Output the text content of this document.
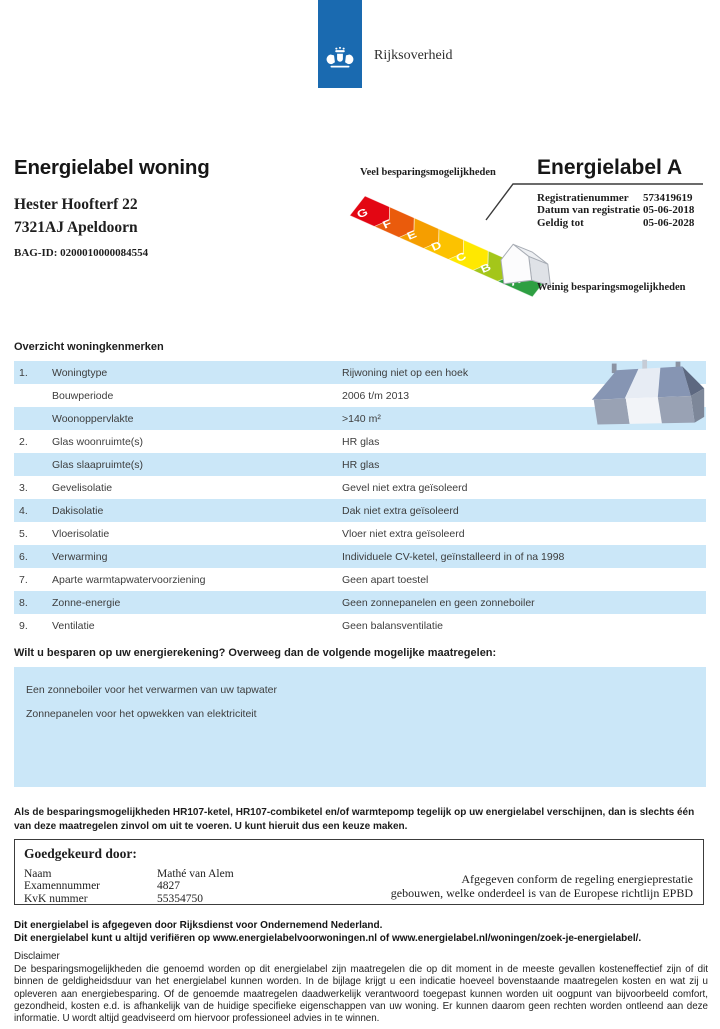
Rijksoverheid
Energielabel woning
Hester Hoofterf 22
7321AJ Apeldoorn
BAG-ID: 0200010000084554
Veel besparingsmogelijkheden Energielabel A
Registratienummer	573419619
Datum van registratie 05-06-2018
Geldig tot	05-06-2028
G
F
E
D
C
B
Weinig besparingsmogelijkheden
Overzicht woningkenmerken
1.	Woningtype	Rijwoning niet op een hoek
Bouwperiode	2006 t/m 2013
Woonoppervlakte	>140 m²
2.	Glas woonruimte(s)	HR glas
Glas slaapruimte(s)	HR glas
3.	Gevelisolatie	Gevel niet extra geïsoleerd
4.	Dakisolatie	Dak niet extra geïsoleerd
5.	Vloerisolatie	Vloer niet extra geïsoleerd
6.	Verwarming	Individuele CV-ketel, geïnstalleerd in of na 1998
7.	Aparte warmtapwatervoorziening	Geen apart toestel
8.	Zonne-energie	Geen zonnepanelen en geen zonneboiler
9.	Ventilatie	Geen balansventilatie
Wilt u besparen op uw energierekening? Overweeg dan de volgende mogelijke maatregelen:
Een zonneboiler voor het verwarmen van uw tapwater
Zonnepanelen voor het opwekken van elektriciteit
Als de besparingsmogelijkheden HR107-ketel, HR107-combiketel en/of warmtepomp tegelijk op uw energielabel verschijnen, dan is slechts één van deze maatregelen zinvol om uit te voeren. U kunt hieruit dus een keuze maken.
Goedgekeurd door:
Naam	Mathé van Alem
Examennummer	4827
KvK nummer	55354750
Afgegeven conform de regeling energieprestatie
gebouwen, welke onderdeel is van de Europese richtlijn EPBD
Dit energielabel is afgegeven door Rijksdienst voor Ondernemend Nederland.
Dit energielabel kunt u altijd verifiëren op www.energielabelvoorwoningen.nl of www.energielabel.nl/woningen/zoek-je-energielabel/.
Disclaimer
De besparingsmogelijkheden die genoemd worden op dit energielabel zijn maatregelen die op dit moment in de meeste gevallen kosteneffectief zijn of dit binnen de geldigheidsduur van het energielabel kunnen worden. In de bijlage krijgt u een indicatie hoeveel bovenstaande maatregelen kosten en wat zij u opleveren aan energiebesparing. Of de genoemde maatregelen daadwerkelijk verantwoord toegepast kunnen worden uit oogpunt van bijvoorbeeld comfort, gezondheid, kosten e.d. is afhankelijk van de huidige specifieke eigenschappen van uw woning. Er kunnen daarom geen rechten worden ontleend aan deze informatie. U wordt altijd geadviseerd om hiervoor professioneel advies in te winnen.
